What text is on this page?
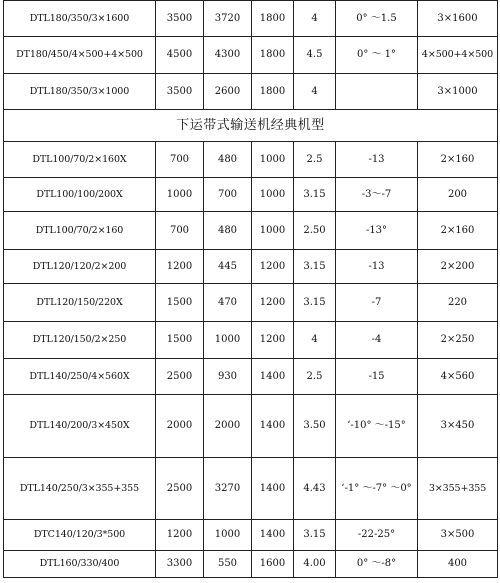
DTL180/350/3×1600	3500	3720	1800	4	0° ～1.5	3×1600
DT180/450/4×500+4×500	4500	4300	1800	4.5	0° ～ 1°	4×500+4×500
DTL180/350/3×1000	3500	2600	1800	4		3×1000
下运带式输送机经典机型						
DTL100/70/2×160X	700	480	1000	2.5	-13	2×160
DTL100/100/200X	1000	700	1000	3.15	-3～-7	200
DTL100/70/2×160	700	480	1000	2.50	-13°	2×160
DTL120/120/2×200	1200	445	1200	3.15	-13	2×200
DTL120/150/220X	1500	470	1200	3.15	-7	220
DTL120/150/2×250	1500	1000	1200	4	-4	2×250
DTL140/250/4×560X	2500	930	1400	2.5	-15	4×560
DTL140/200/3×450X	2000	2000	1400	3.50	‘-10° ～-15°	3×450
DTL140/250/3×355+355	2500	3270	1400	4.43	‘-1° ～-7° ～0°	3×355+355
DTC140/120/3*500	1200	1000	1400	3.15	-22-25°	3×500
DTL160/330/400	3300	550	1600	4.00	0° ～-8°	400
